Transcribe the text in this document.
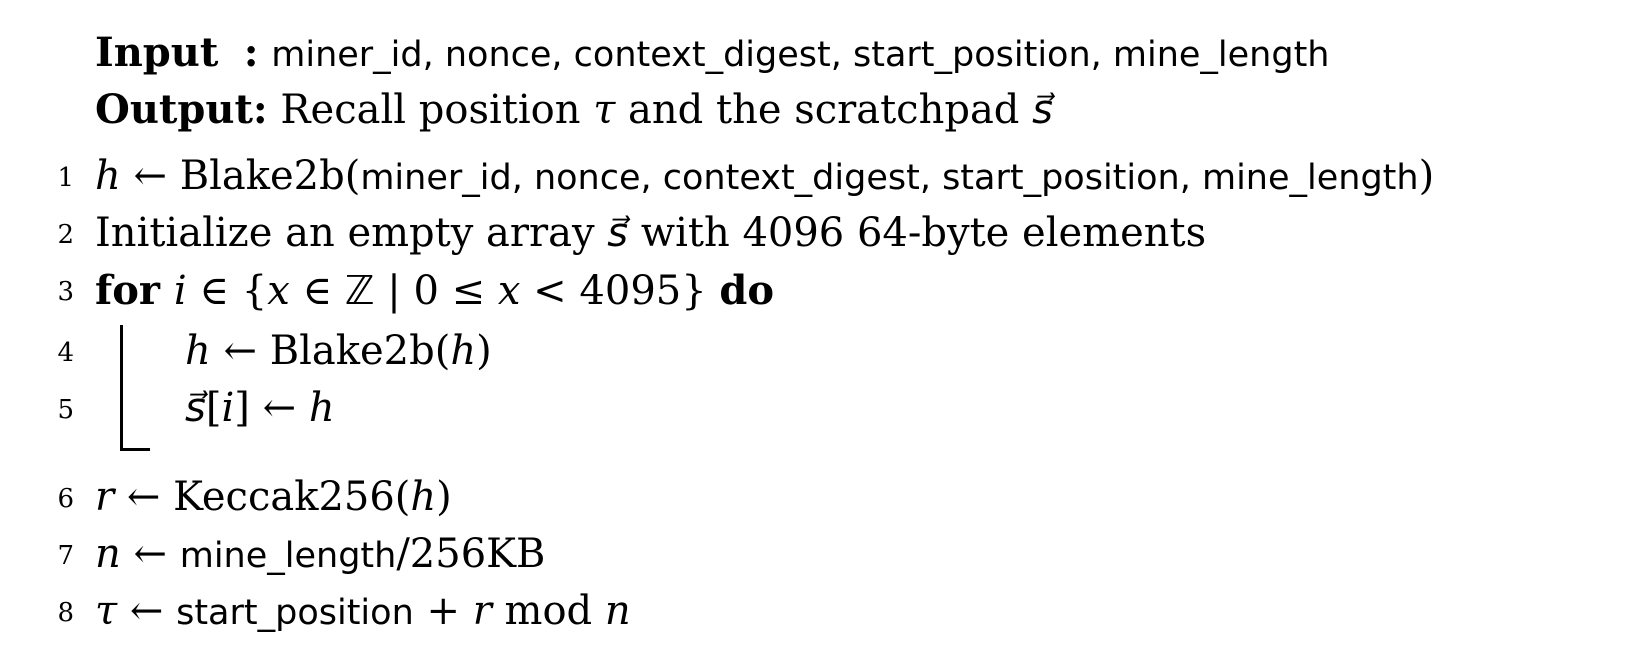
Input : miner_id, nonce, context_digest, start_position, mine_length
Output: Recall position τ and the scratchpad s⃗
1 h ← Blake2b(miner_id, nonce, context_digest, start_position, mine_length)
2 Initialize an empty array s⃗ with 4096 64-byte elements
3 for i ∈ {x ∈ ℤ | 0 ≤ x < 4095} do
4	h ← Blake2b(h)
5	s⃗[i] ← h
6 r ← Keccak256(h)
7 n ← mine_length/256KB
8 τ ← start_position + r mod n
